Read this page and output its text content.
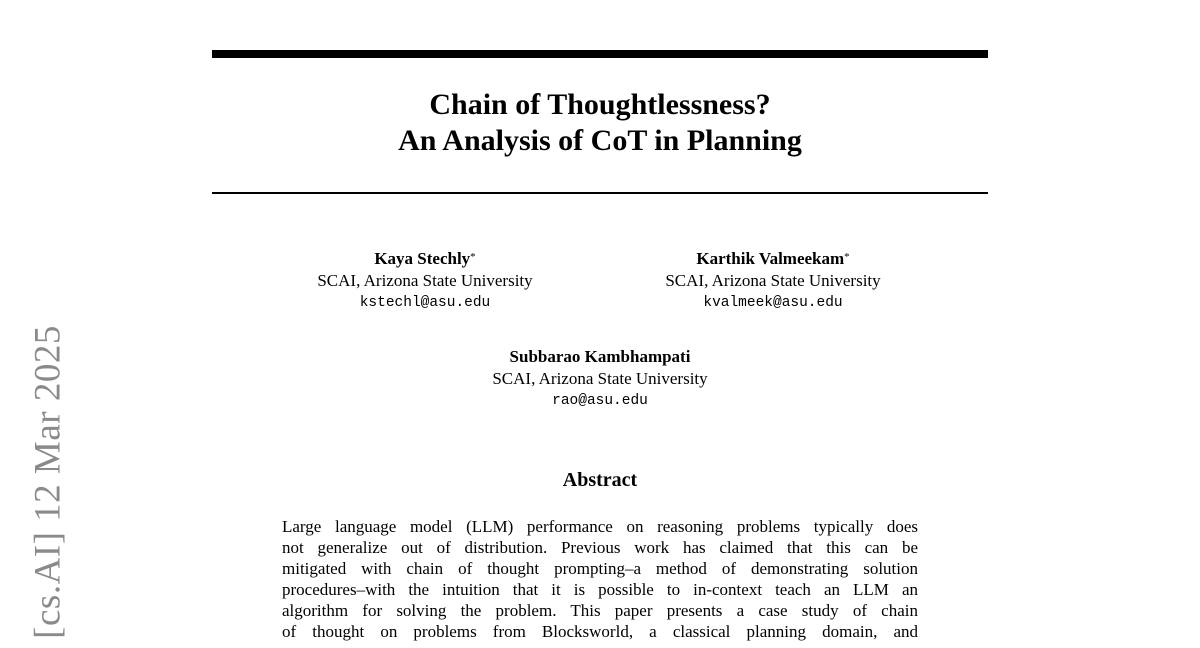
[cs.AI] 12 Mar 2025
Chain of Thoughtlessness?
An Analysis of CoT in Planning
Kaya Stechly*
SCAI, Arizona State University
kstechl@asu.edu
Karthik Valmeekam*
SCAI, Arizona State University
kvalmeek@asu.edu
Subbarao Kambhampati
SCAI, Arizona State University
rao@asu.edu
Abstract
Large language model (LLM) performance on reasoning problems typically does
not generalize out of distribution. Previous work has claimed that this can be
mitigated with chain of thought prompting–a method of demonstrating solution
procedures–with the intuition that it is possible to in-context teach an LLM an
algorithm for solving the problem. This paper presents a case study of chain
of thought on problems from Blocksworld, a classical planning domain, and
